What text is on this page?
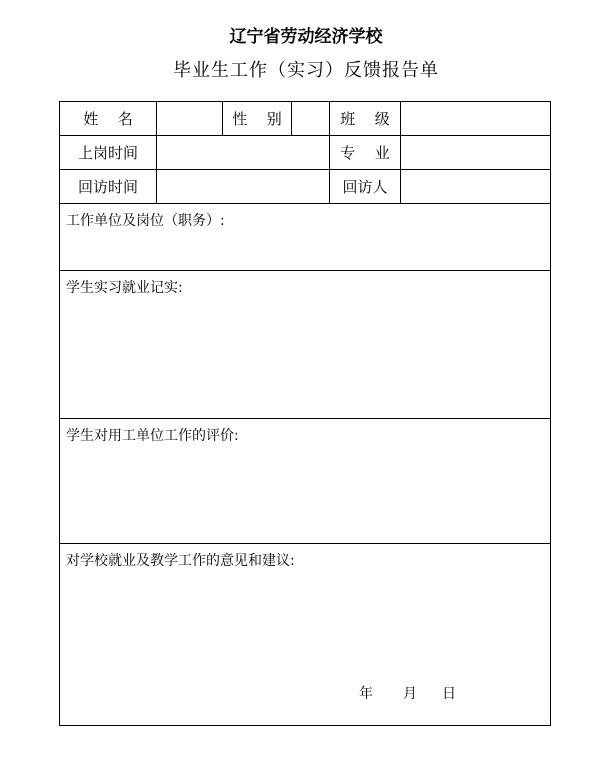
辽宁省劳动经济学校
毕业生工作（实习）反馈报告单
姓 名		性 别		班 级	
上岗时间				专 业	
回访时间				回访人	
工作单位及岗位（职务）:					
学生实习就业记实:					
学生对用工单位工作的评价:					
对学校就业及教学工作的意见和建议:					
年 月 日
